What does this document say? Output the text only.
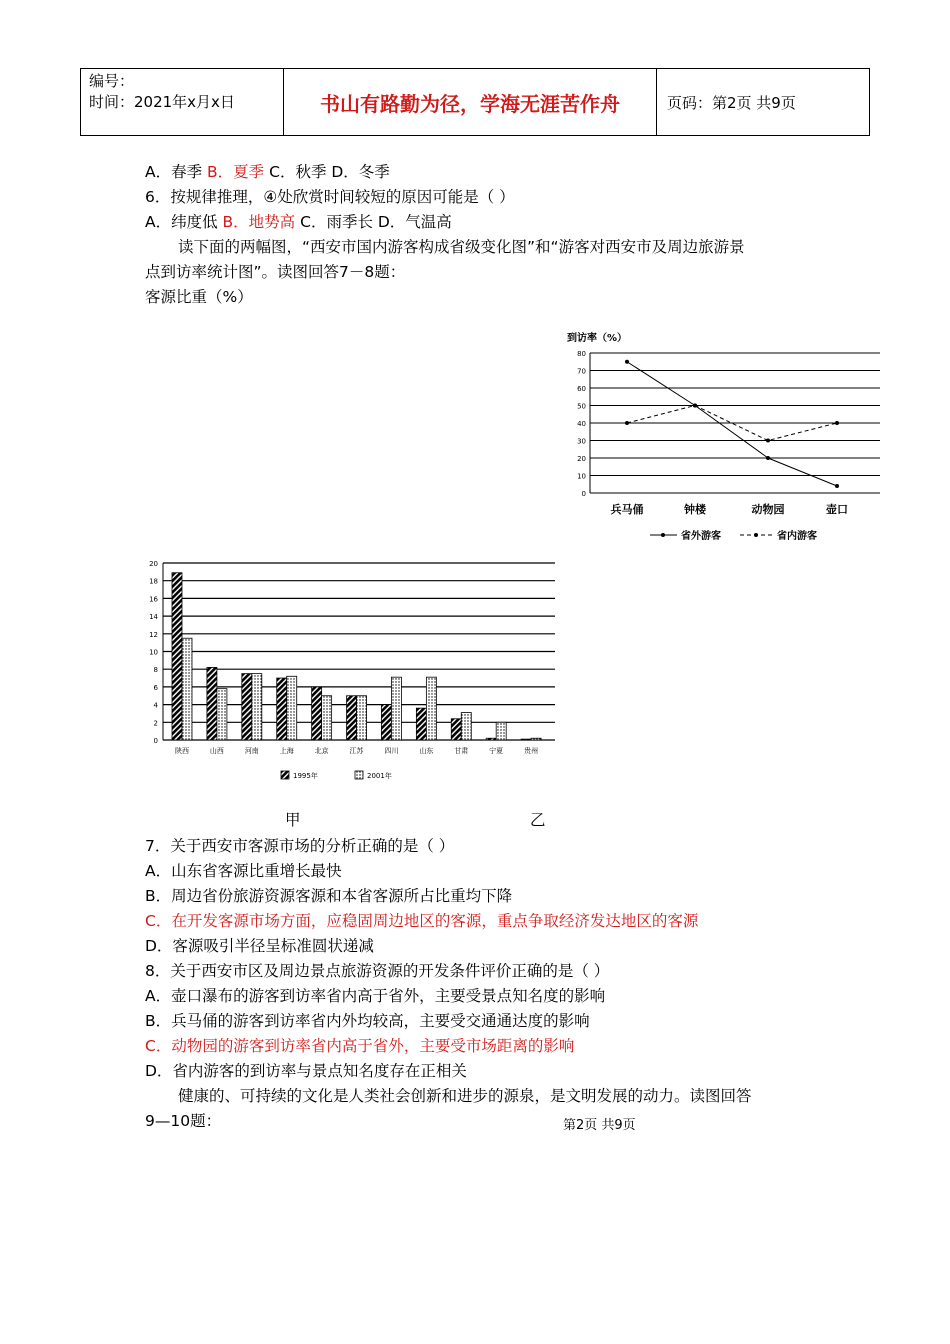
编号：
时间：2021年x月x日	书山有路勤为径，学海无涯苦作舟	页码：第2页 共9页
A．春季 B．夏季 C．秋季 D．冬季
6．按规律推理，④处欣赏时间较短的原因可能是（ ）
A．纬度低 B．地势高 C．雨季长 D．气温高
读下面的两幅图，“西安市国内游客构成省级变化图”和“游客对西安市及周边旅游景
点到访率统计图”。读图回答7－8题：
客源比重（%）
到访率（%）
0
10
20
30
40
50
60
70
80
兵马俑	钟楼	动物园	壶口
省外游客	省内游客
0
2
4
6
8
10
12
14
16
18
20
陕西	山西	河南	上海	北京	江苏	四川	山东	甘肃	宁夏	贵州
1995年	2001年
甲	乙
7．关于西安市客源市场的分析正确的是（ ）
A．山东省客源比重增长最快
B．周边省份旅游资源客源和本省客源所占比重均下降
C．在开发客源市场方面，应稳固周边地区的客源，重点争取经济发达地区的客源
D．客源吸引半径呈标准圆状递减
8．关于西安市区及周边景点旅游资源的开发条件评价正确的是（ ）
A．壶口瀑布的游客到访率省内高于省外，主要受景点知名度的影响
B．兵马俑的游客到访率省内外均较高，主要受交通通达度的影响
C．动物园的游客到访率省内高于省外，主要受市场距离的影响
D．省内游客的到访率与景点知名度存在正相关
健康的、可持续的文化是人类社会创新和进步的源泉，是文明发展的动力。读图回答
9—10题：	第2页 共9页
